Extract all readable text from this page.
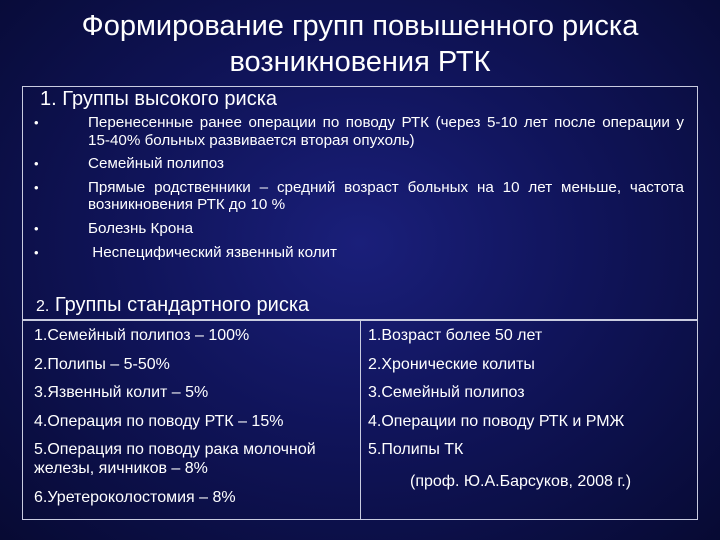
Формирование групп повышенного риска возникновения РТК
1. Группы высокого риска
•	Перенесенные ранее операции по поводу РТК (через 5-10 лет после операции у 15-40% больных развивается вторая опухоль)
•	Семейный полипоз
•	Прямые родственники – средний возраст больных на 10 лет меньше, частота возникновения РТК до 10 %
•	Болезнь Крона
•	Неспецифический язвенный колит
2. Группы стандартного риска
1.Семейный полипоз – 100%
2.Полипы – 5-50%
3.Язвенный колит – 5%
4.Операция по поводу РТК – 15%
5.Операция по поводу рака молочной железы, яичников – 8%
6.Уретероколостомия – 8%
1.Возраст более 50 лет
2.Хронические колиты
3.Семейный полипоз
4.Операции по поводу РТК и РМЖ
5.Полипы ТК
(проф. Ю.А.Барсуков, 2008 г.)
